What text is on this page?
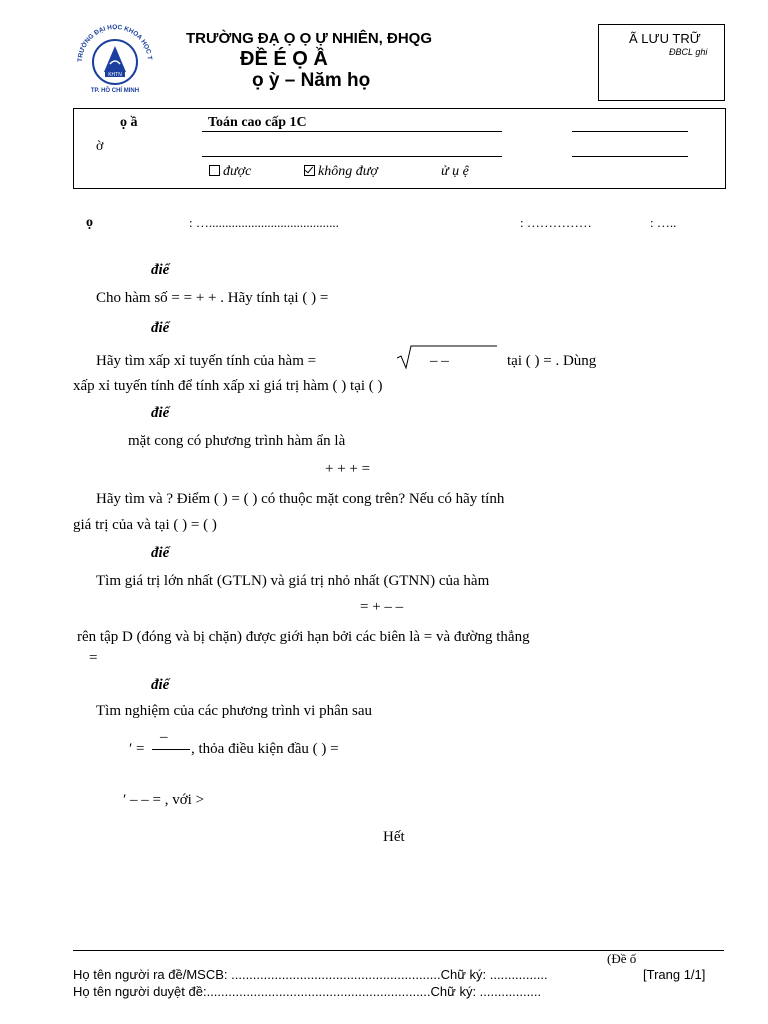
KHTN
TRƯỜNG ĐẠI HỌC KHOA HỌC T
TP. HỒ CHÍ MINH
TRƯỜNG ĐẠ Ọ Ọ Ự NHIÊN, ĐHQG
ĐỀ É Ọ Ầ
ọ ỳ – Năm họ
Ã LƯU TRỮ
ĐBCL ghi
ọ ầ	Toán cao cấp 1C
ờ
được	không đượ	ử ụ ệ
ọ	: …........................................	: ……………	: …..
điể
Cho hàm số = = + + . Hãy tính tại ( ) =
điể
Hãy tìm xấp xỉ tuyến tính của hàm =	– –	tại ( ) = . Dùng
xấp xỉ tuyến tính để tính xấp xỉ giá trị hàm ( ) tại ( )
điể
mặt cong có phương trình hàm ẩn là
+ + + =
Hãy tìm và ? Điểm ( ) = ( ) có thuộc mặt cong trên? Nếu có hãy tính
giá trị của và tại ( ) = ( )
điể
Tìm giá trị lớn nhất (GTLN) và giá trị nhỏ nhất (GTNN) của hàm
= + – –
rên tập D (đóng và bị chặn) được giới hạn bởi các biên là = và đường thẳng
=
điể
Tìm nghiệm của các phương trình vi phân sau
′ =
–
, thỏa điều kiện đầu ( ) =
′ – – = , với >
Hết
(Đề ố
Họ tên người ra đề/MSCB: ..........................................................Chữ ký: ................	[Trang 1/1]
Họ tên người duyệt đề:..............................................................Chữ ký: .................
